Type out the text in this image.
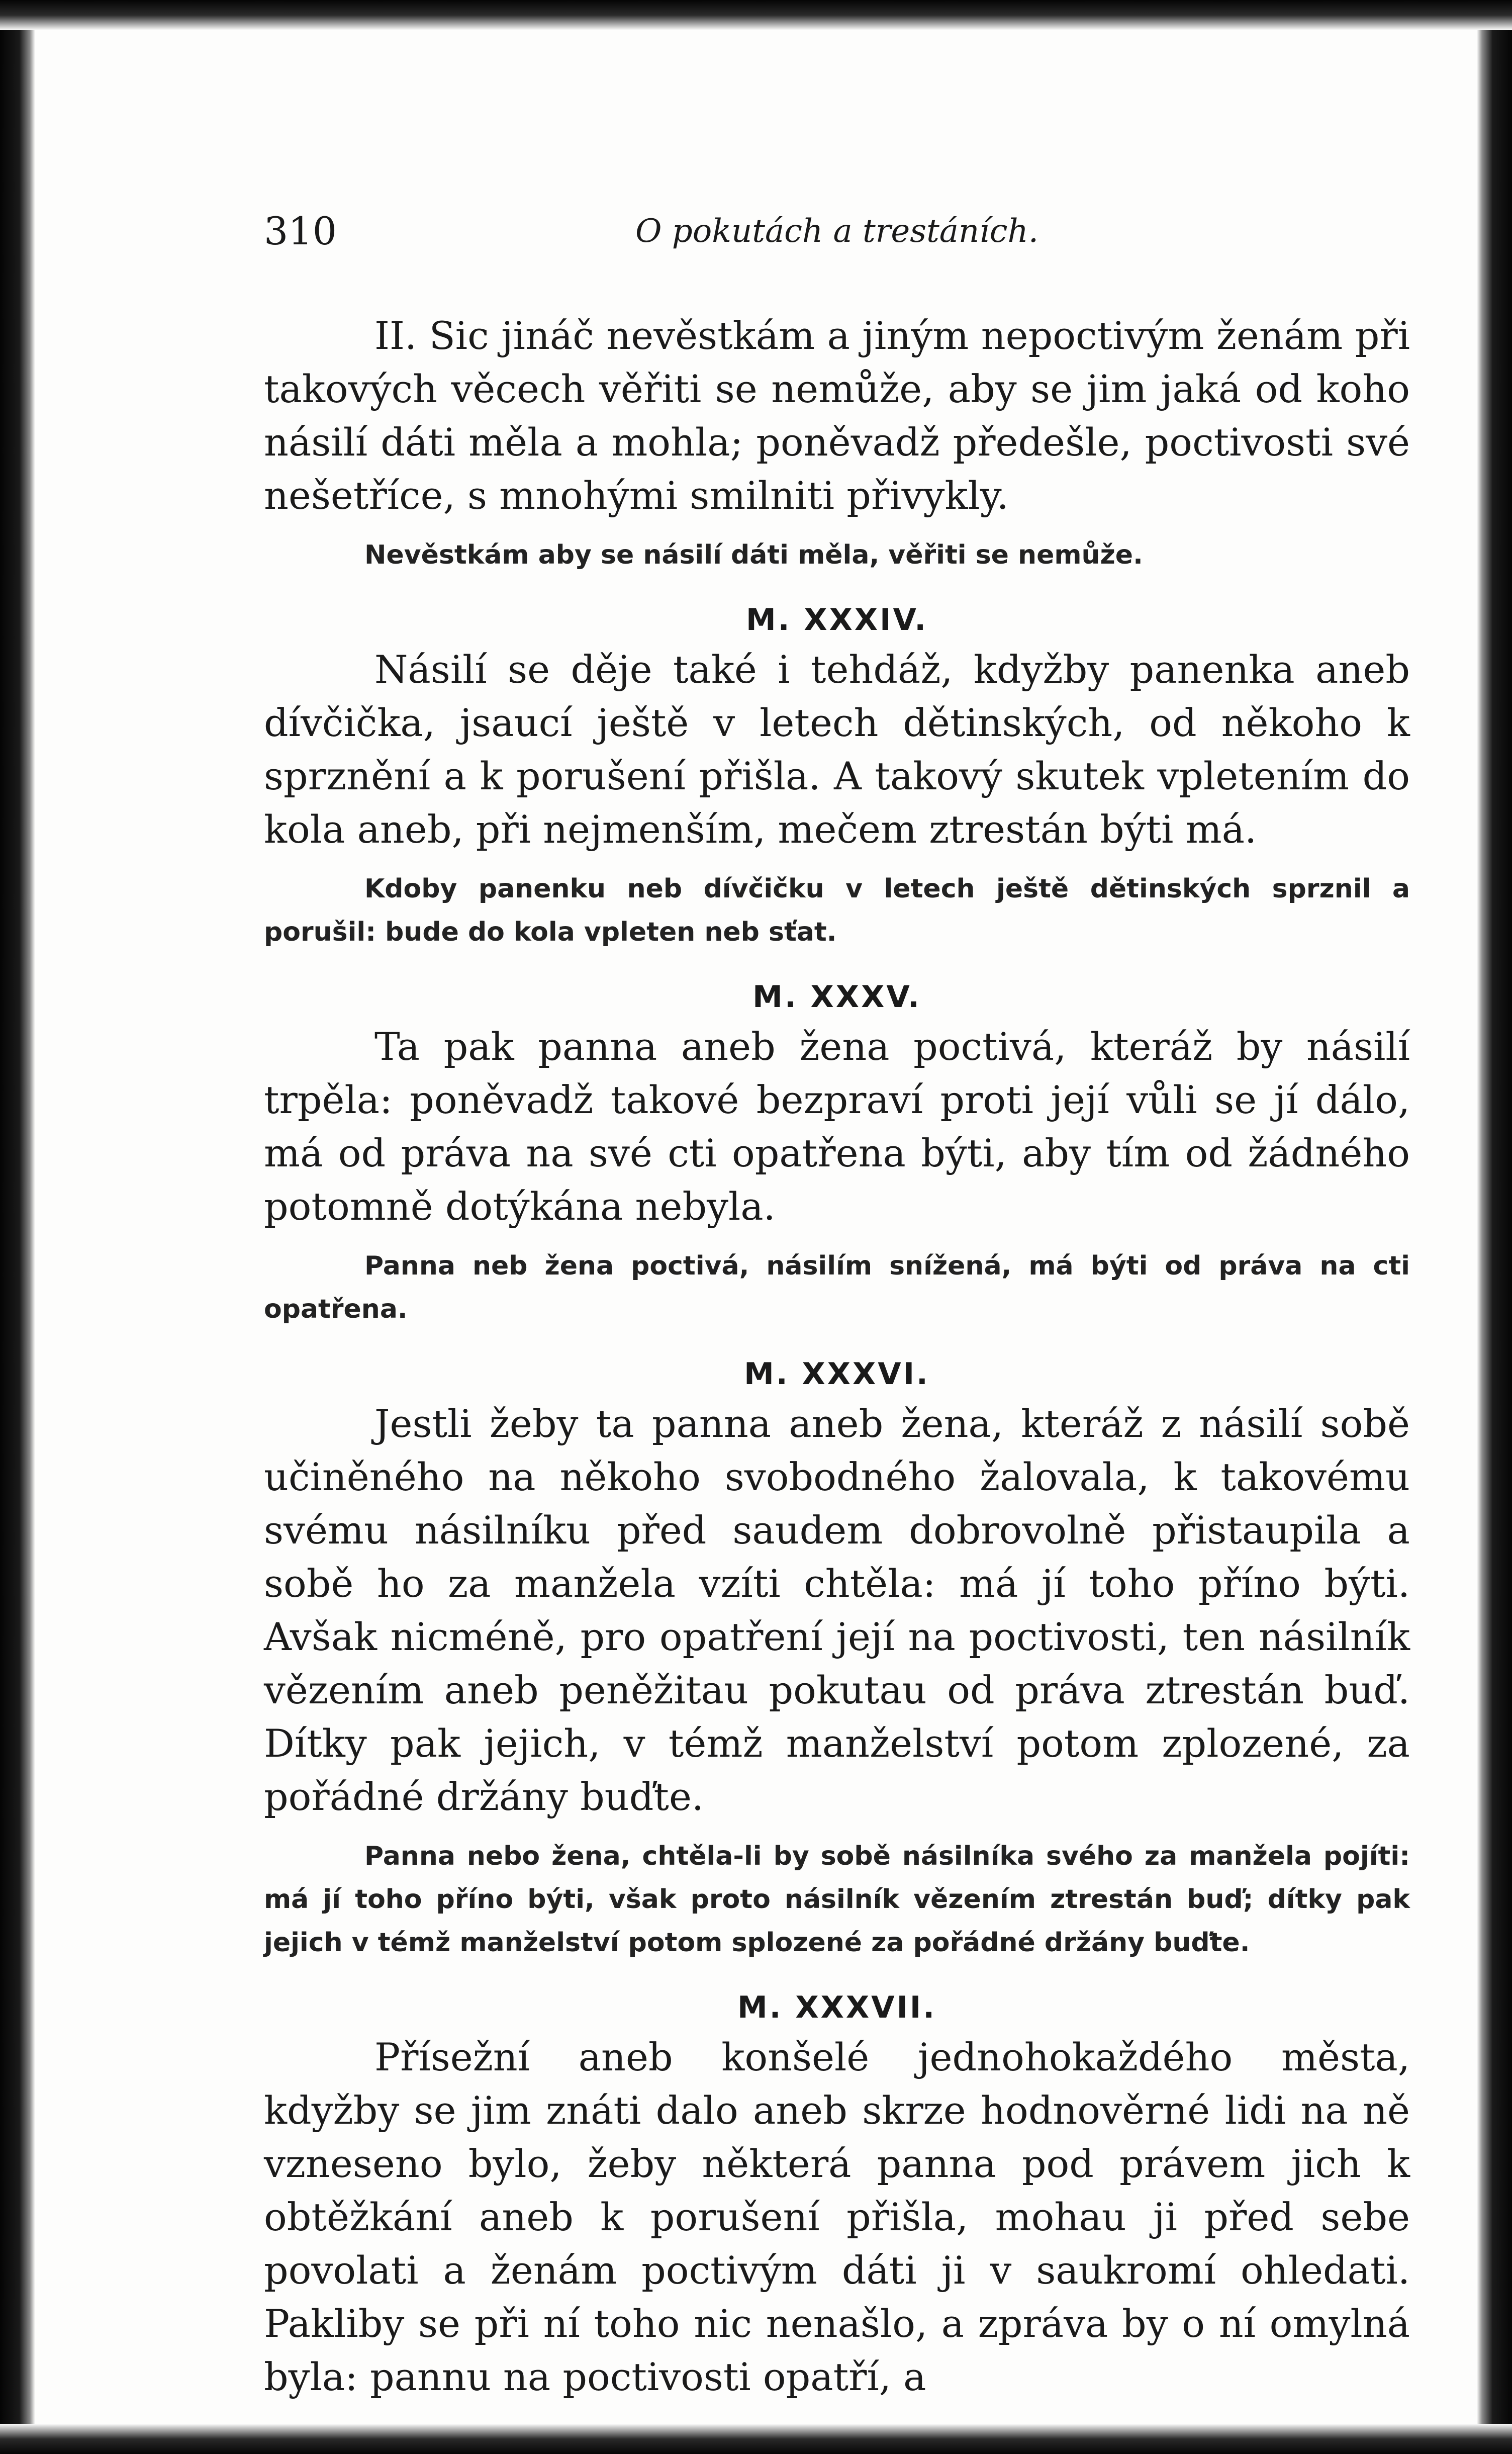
310	O pokutách a trestáních.

II. Sic jináč nevěstkám a jiným nepoctivým ženám při takových věcech věřiti se nemůže, aby se jim jaká od koho násilí dáti měla a mohla; poněvadž předešle, poctivosti své nešetříce, s mnohými smilniti přivykly.

Nevěstkám aby se násilí dáti měla, věřiti se nemůže.

M. XXXIV.

Násilí se děje také i tehdáž, kdyžby panenka aneb dívčička, jsaucí ještě v letech dětinských, od někoho k sprznění a k porušení přišla. A takový skutek vpletením do kola aneb, při nejmenším, mečem ztrestán býti má.

Kdoby panenku neb dívčičku v letech ještě dětinských sprznil a porušil: bude do kola vpleten neb sťat.

M. XXXV.

Ta pak panna aneb žena poctivá, kteráž by násilí trpěla: poněvadž takové bezpraví proti její vůli se jí dálo, má od práva na své cti opatřena býti, aby tím od žádného potomně dotýkána nebyla.

Panna neb žena poctivá, násilím snížená, má býti od práva na cti opatřena.

M. XXXVI.

Jestli žeby ta panna aneb žena, kteráž z násilí sobě učiněného na někoho svobodného žalovala, k takovému svému násilníku před saudem dobrovolně přistaupila a sobě ho za manžela vzíti chtěla: má jí toho příno býti. Avšak nicméně, pro opatření její na poctivosti, ten násilník vězením aneb peněžitau pokutau od práva ztrestán buď. Dítky pak jejich, v témž manželství potom zplozené, za pořádné držány buďte.

Panna nebo žena, chtěla-li by sobě násilníka svého za manžela pojíti: má jí toho příno býti, však proto násilník vězením ztrestán buď; dítky pak jejich v témž manželství potom splozené za pořádné držány buďte.

M. XXXVII.

Přísežní aneb konšelé jednohokaždého města, kdyžby se jim znáti dalo aneb skrze hodnověrné lidi na ně vzneseno bylo, žeby některá panna pod právem jich k obtěžkání aneb k porušení přišla, mohau ji před sebe povolati a ženám poctivým dáti ji v saukromí ohledati. Pakliby se při ní toho nic nenašlo, a zpráva by o ní omylná byla: pannu na poctivosti opatří, a
